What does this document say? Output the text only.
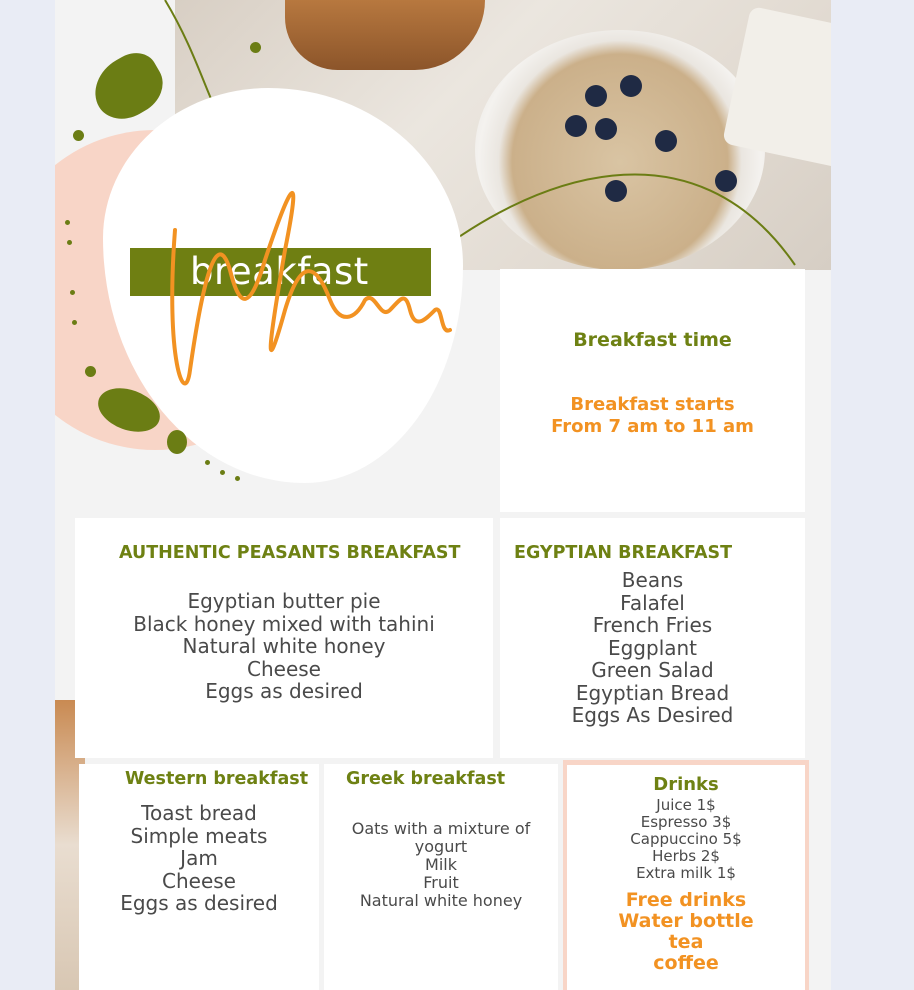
breakfast
Breakfast time
Breakfast starts
From 7 am to 11 am
AUTHENTIC PEASANTS BREAKFAST
Egyptian butter pie
Black honey mixed with tahini
Natural white honey
Cheese
Eggs as desired
EGYPTIAN BREAKFAST
Beans
Falafel
French Fries
Eggplant
Green Salad
Egyptian Bread
Eggs As Desired
Western breakfast
Toast bread
Simple meats
Jam
Cheese
Eggs as desired
Greek breakfast
Oats with a mixture of
yogurt
Milk
Fruit
Natural white honey
Drinks
Juice 1$
Espresso 3$
Cappuccino 5$
Herbs 2$
Extra milk 1$
Free drinks
Water bottle
tea
coffee
